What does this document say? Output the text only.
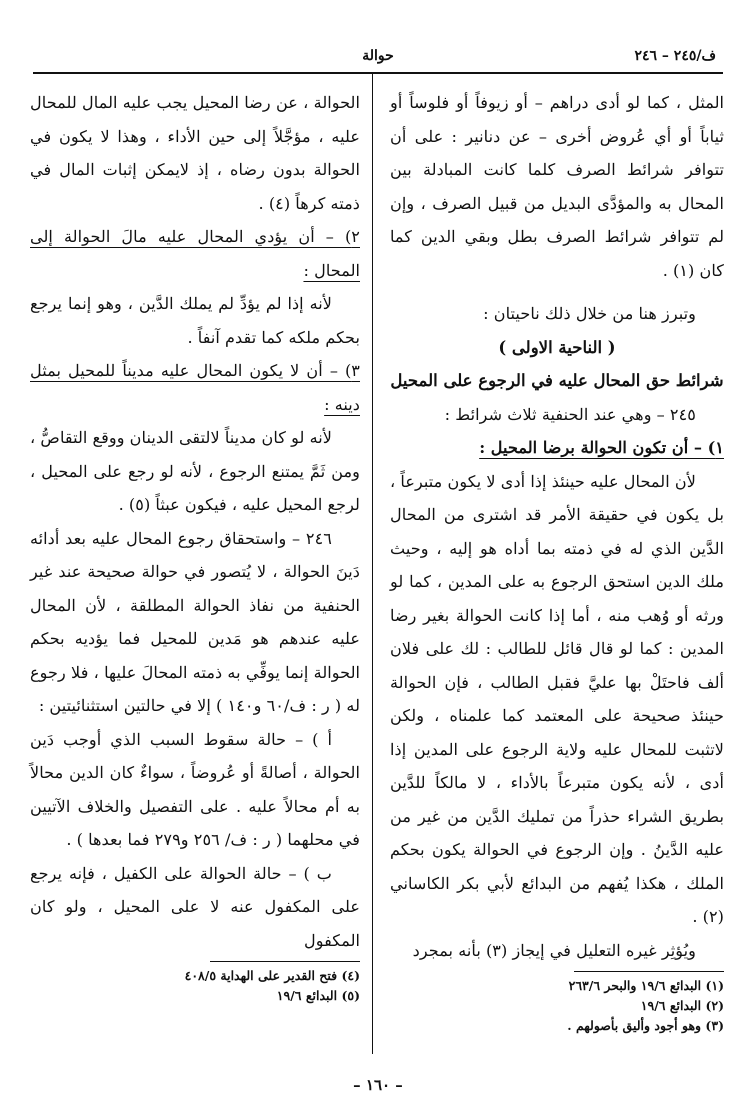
ف/٢٤٥ – ٢٤٦
حوالة

المثل ، كما لو أدى دراهم – أو زيوفاً أو فلوساً أو ثياباً أو أي عُروض أخرى – عن دنانير : على أن تتوافر شرائط الصرف كلما كانت المبادلة بين المحال به والمؤدَّى البديل من قبيل الصرف ، وإن لم تتوافر شرائط الصرف بطل وبقي الدين كما كان (١) .

وتبرز هنا من خلال ذلك ناحيتان :

( الناحية الاولى )

شرائط حق المحال عليه في الرجوع على المحيل

٢٤٥ – وهي عند الحنفية ثلاث شرائط :

١) – أن تكون الحوالة برضا المحيل :

لأن المحال عليه حينئذ إذا أدى لا يكون متبرعاً ، بل يكون في حقيقة الأمر قد اشترى من المحال الدَّين الذي له في ذمته بما أداه هو إليه ، وحيث ملك الدين استحق الرجوع به على المدين ، كما لو ورثه أو وُهب منه ، أما إذا كانت الحوالة بغير رضا المدين : كما لو قال قائل للطالب : لك على فلان ألف فاحتَلْ بها عليَّ فقبل الطالب ، فإن الحوالة حينئذ صحيحة على المعتمد كما علمناه ، ولكن لاتثبت للمحال عليه ولاية الرجوع على المدين إذا أدى ، لأنه يكون متبرعاً بالأداء ، لا مالكاً للدَّين بطريق الشراء حذراً من تمليك الدَّين من غير من عليه الدَّينُ . وإن الرجوع في الحوالة يكون بحكم الملك ، هكذا يُفهم من البدائع لأبي بكر الكاساني (٢) .

ويُؤثِر غيره التعليل في إيجاز (٣) بأنه بمجرد

(١) البدائع ١٩/٦ والبحر ٢٦٣/٦

(٢) البدائع ١٩/٦

(٣) وهو أجود وأليق بأصولهم .

الحوالة ، عن رضا المحيل يجب عليه المال للمحال عليه ، مؤجَّلاً إلى حين الأداء ، وهذا لا يكون في الحوالة بدون رضاه ، إذ لايمكن إثبات المال في ذمته كرهاً (٤) .

٢) – أن يؤدي المحال عليه مالَ الحوالة إلى المحال :

لأنه إذا لم يؤدِّ لم يملك الدَّين ، وهو إنما يرجع بحكم ملكه كما تقدم آنفاً .

٣) – أن لا يكون المحال عليه مديناً للمحيل بمثل دينه :

لأنه لو كان مديناً لالتقى الدينان ووقع التقاصُّ ، ومن ثَمَّ يمتنع الرجوع ، لأنه لو رجع على المحيل ، لرجع المحيل عليه ، فيكون عبثاً (٥) .

٢٤٦ – واستحقاق رجوع المحال عليه بعد أدائه دَينَ الحوالة ، لا يُتصور في حوالة صحيحة عند غير الحنفية من نفاذ الحوالة المطلقة ، لأن المحال عليه عندهم هو مَدين للمحيل فما يؤديه بحكم الحوالة إنما يوفِّي به ذمته المحالَ عليها ، فلا رجوع له ( ر : ف/٦٠ و١٤٠ ) إلا في حالتين استثنائيتين :

أ ) – حالة سقوط السبب الذي أوجب دَين الحوالة ، أصالةً أو عُروضاً ، سواءٌ كان الدين محالاً به أم محالاً عليه . على التفصيل والخلاف الآتيين في محلهما ( ر : ف/ ٢٥٦ و٢٧٩ فما بعدها ) .

ب ) – حالة الحوالة على الكفيل ، فإنه يرجع على المكفول عنه لا على المحيل ، ولو كان المكفول

(٤) فتح القدير على الهداية ٤٠٨/٥

(٥) البدائع ١٩/٦

– ١٦٠ –
